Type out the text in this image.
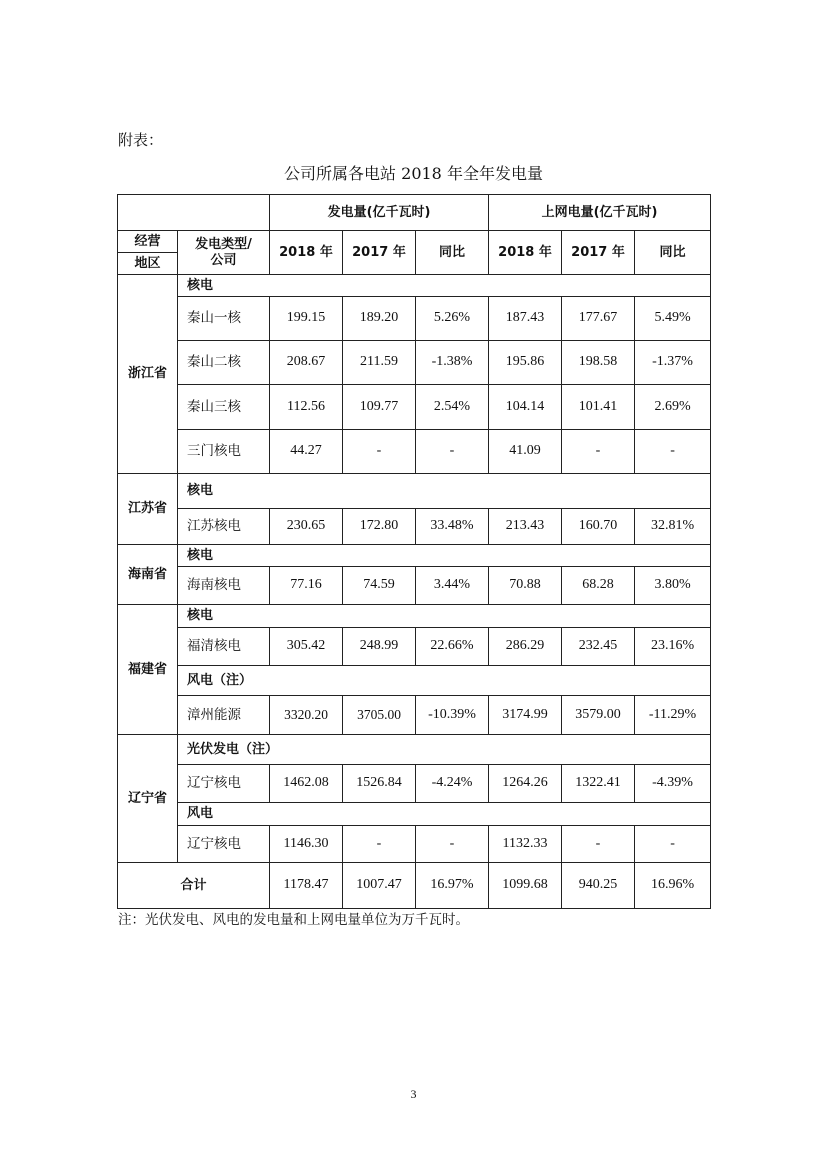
附表：
公司所属各电站 2018 年全年发电量
		发电量(亿千瓦时)			上网电量(亿千瓦时)		

经营
地区	发电类型/
公司	2018 年	2017 年	同比	2018 年	2017 年	同比
浙江省	核电						
	秦山一核	199.15	189.20	5.26%	187.43	177.67	5.49%
	秦山二核	208.67	211.59	-1.38%	195.86	198.58	-1.37%
	秦山三核	112.56	109.77	2.54%	104.14	101.41	2.69%
	三门核电	44.27	-	-	41.09	-	-
江苏省	核电						
	江苏核电	230.65	172.80	33.48%	213.43	160.70	32.81%
海南省	核电						
	海南核电	77.16	74.59	3.44%	70.88	68.28	3.80%
福建省	核电						
	福清核电	305.42	248.99	22.66%	286.29	232.45	23.16%
	风电（注）						
	漳州能源	3320.20	3705.00	-10.39%	3174.99	3579.00	-11.29%
辽宁省	光伏发电（注）						
	辽宁核电	1462.08	1526.84	-4.24%	1264.26	1322.41	-4.39%
	风电						
	辽宁核电	1146.30	-	-	1132.33	-	-
合计		1178.47	1007.47	16.97%	1099.68	940.25	16.96%
注：光伏发电、风电的发电量和上网电量单位为万千瓦时。
3
